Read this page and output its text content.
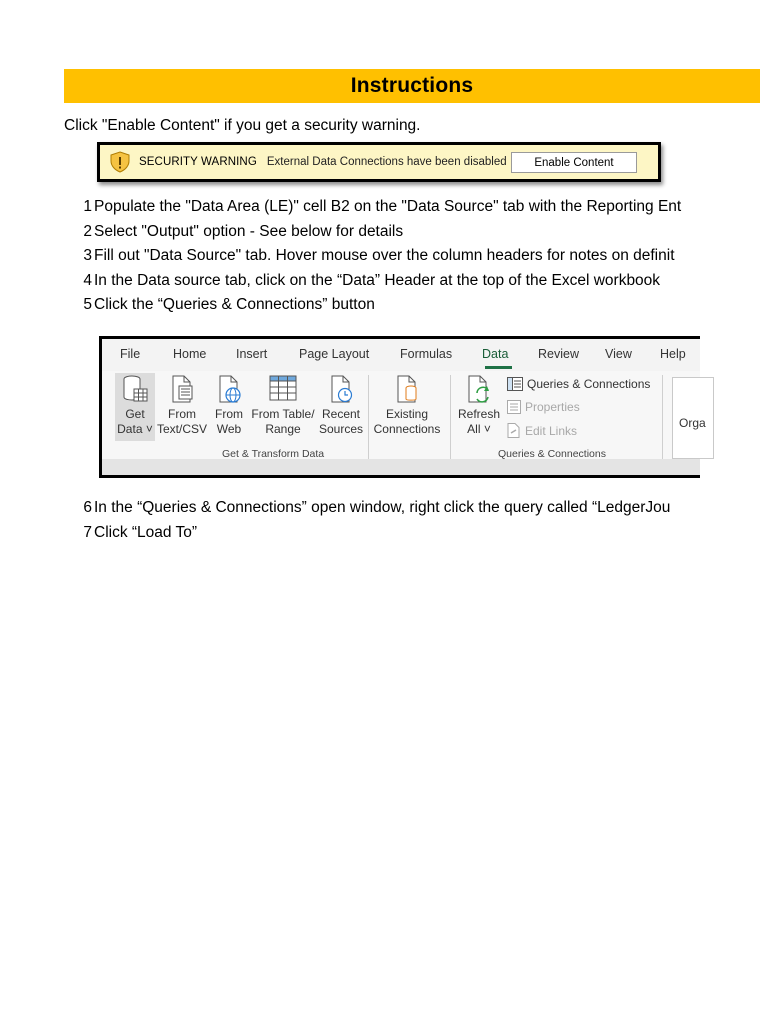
Instructions
Click "Enable Content" if you get a security warning.
SECURITY WARNING External Data Connections have been disabled	Enable Content
1 Populate the "Data Area (LE)" cell B2 on the "Data Source" tab with the Reporting Ent
2 Select "Output" option - See below for details
3 Fill out "Data Source" tab. Hover mouse over the column headers for notes on definit
4 In the Data source tab, click on the “Data” Header at the top of the Excel workbook
5 Click the “Queries & Connections” button
File	Home Insert	Page Layout Formulas Data Review View Help
Get
Data ˅
From
Text/CSV
From
Web
From Table/
Range
Recent
Sources
Existing
Connections
Get & Transform Data
Refresh
All ˅
Queries & Connections
Properties
Edit Links
Queries & Connections
Orga
6 In the “Queries & Connections” open window, right click the query called “LedgerJou
7 Click “Load To”
